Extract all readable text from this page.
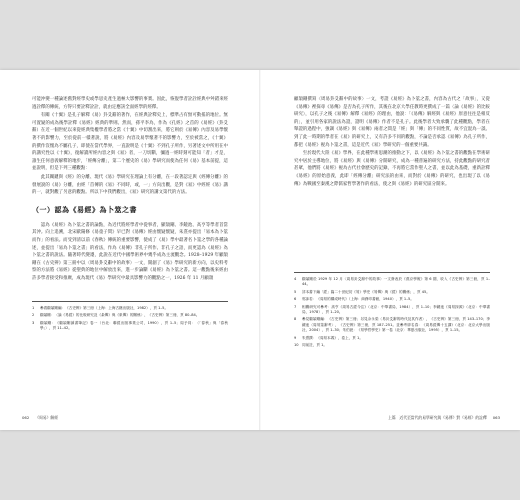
可能沖變一種論述舊對經學史或學思史產生過極大影響的事實。因此，恢復學者詮詮經典中舛錯來經過詮釋的傳統，方得只要詮釋詮詮，就由定應該全面經學的經釋。

有關《十翼》是孔子解釋《易》卦爻辭的著作，在經典詮釋史上，標準占有無可動搖的地位。無可置疑的成為後學詮釋《易經》經典的準則。然而，孫平李為，作為《孔經》之首的《易經》（卦爻辭）在近一個世紀以來從經典集權學者將之當《十翼》中切割出來，將它則於《易傳》內容及易學懷著不的影響力，至於從前一樣著說，將《易經》內容及易學懷著不的影響力，至於被當之，《十翼》的撰作沒懷為不屬孔子，即使在當代學界，一直說明是《十翼》不到孔子所作，另著述文中所用在中的講究性以《十翼》，復解讀所經內容之與《易》者，一刀切斷，彌過一經時刻可能知「者」才是，誰生任何意義解釋的地步，「經傳分離」，第二个歷史的《易》學研究而使為任何《易》基本前提，這並說明，但是下列三種觀點：

此其關鍵與《經》的分離、現代《易》學研究在理論上有分離，在一段著認定與《經傳分離》的發展說的《易》分離，由經「首傳的《易》不同時，或，一」方向出觀，是對《易》中經經《易》講的一，就對觀了另意的觀點。所以下中我們觀出，《易》研究的講文第代的方法。

（一）認為《易經》為卜筮之書

認為《易經》為卜筮之書的論點，為近代將經學者中從事者，顯頡剛、李鏡池、高亨等學者首當其沖。向上追溯，北宋歐陽修《易童子問》早已對《易傳》經由懷疑懷疑，朱熹亦提出「易本為卜筮而作」的看法。而受到清以前《春秋》傳統的重要影響，使成了《易》學中最著名卜筮之學的各種論述，並提出「易為卜筮之書」的看法，作為《易傳》非孔子所作、非孔子之語，而更認為《易經》為卜筮之書的說法。隨著時代變遷，此說在近代中國學術界中幾乎成為主流觀念。1928–1929 年顧頡剛在《古史辨》第三冊中以〈周易卦爻辭中的故事〉一文，開創了《易》學研究的新方向，以史料考察的方法將《易經》從聖典的地位中解放出來，進一步論斷《易經》為卜筮之書。這一觀點後來經由許多學者接受和推廣，成為現代《易》學研究中最具影響力的觀點之一，1926 年 11 月顧頡

1	參看顧頡剛編：《古史辨》第三冊（上海：上海古籍出版社，1982），頁 1–5。
2	顧頡剛：〈論《易經》的比較研究及《彖傳》與《象傳》的關係〉，《古史辨》第三冊，頁 80–84。
3	顧頡剛：《顧頡剛讀書筆記》卷一（台北：聯經出版事業公司，1990），頁 1–5；周予同：〈「春秋」與「春秋學」〉，頁 11–42。
062 《周易》解經

顧頡剛撰寫〈周易卦爻辭中的故事〉一文，考證《易經》為卜筮之書，內容為古代之「故事」，又從《易傳》裡探尋《易傳》是否為孔子所作，其後在北京大學任教時更撰成了一篇〈論《易經》的比較研究〉，以孔子之後《易傳》解釋《易經》的理由，他說：「《易傳》解經與《易經》原意往往是相反的」，並引用各家的說法為證，證明《易傳》作者不是孔子。此後學者大致承襲了此種觀點，學者在舉證的過程中，強調《易經》與《易傳》兩者之間是「經」與「傳」的不同性質，故不宜混為一談。到了此一時期的學者在《易》的研究上，又有許多不同的觀點，不論是否承認《易傳》為孔子所作，都把《易經》視為卜筮之書，這是近代《易》學研究的一個重要共識。

至於現代大陸《易》學界，在此種學術思潮的推動之下，以《易經》為卜筮之書的觀點在學術研究中居於主導地位，將《易經》與《易傳》分開研究，成為一種普遍的研究方法，持此觀點的研究者甚眾，他們將《易經》視為古代社會歷史的記錄，不再將它當作聖人之書，並以此為基礎，重新詮釋《易經》的原始意義，此即「經傳分離」研究法的由來，而對於《易傳》的研究，也出現了以《易傳》為戰國至秦漢之際儒家哲學著作的看法，使之與《易經》的研究區分開來。

4	顧頡剛於 1929 年 12 月〈周易卦爻辭中的故事〉一文發表於《燕京學報》第 6 期，收入《古史辨》第三冊，頁 1–44。
5	詳本書下編「經」篇二十世紀初《易》學史《易傳》與《經》的關係」，頁 45。
6	郭沫若：《周易的構成時代》（上海：商務印書館，1940），頁 1–5。
7	相關研究可參考：高亨《周易古經今注》（北京：中華書局，1984），頁 1–10；李鏡池《周易探源》（北京：中華書局，1978），頁 1–20。
8	參見顧頡剛編：《古史辨》第三冊；另見余永梁〈易卦爻辭的時代及其作者〉，《古史辨》第三冊，頁 143–170；李鏡池〈周易筮辭考〉，《古史辨》第三冊，頁 187–251。並參考廖名春：《周易經傳十五講》（北京：北京大學出版社，2004），頁 1–30；朱伯崑：《易學哲學史》第一卷（北京：華夏出版社，1995），頁 1–15。
9	朱熹撰：《周易本義》，卷上，頁 1。
10 同前註，頁 1。
上篇　近代至當代的易學研究與《易傳》對《易經》的詮釋 063
